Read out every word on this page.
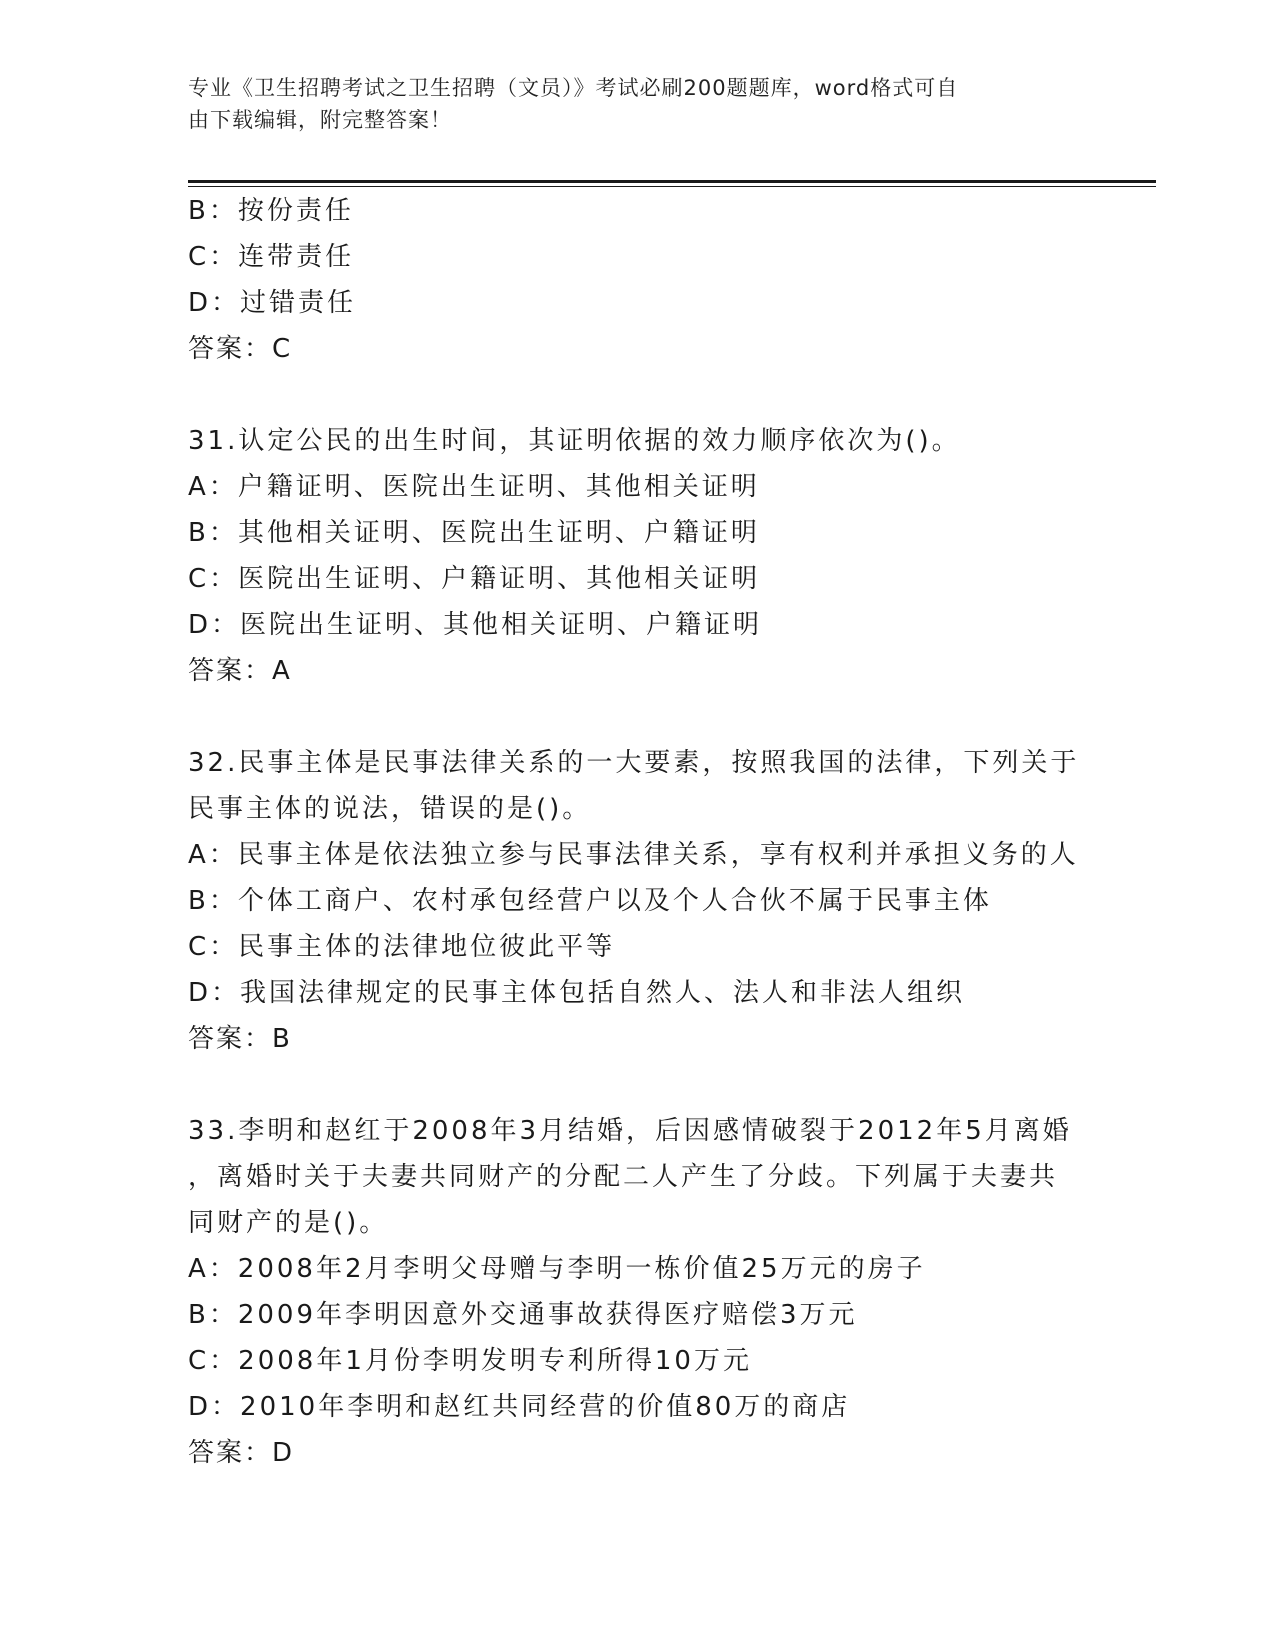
专业《卫生招聘考试之卫生招聘（文员）》考试必刷200题题库，word格式可自
由下载编辑，附完整答案！
B：按份责任
C：连带责任
D：过错责任
答案：C
31.认定公民的出生时间，其证明依据的效力顺序依次为()。
A：户籍证明、医院出生证明、其他相关证明
B：其他相关证明、医院出生证明、户籍证明
C：医院出生证明、户籍证明、其他相关证明
D：医院出生证明、其他相关证明、户籍证明
答案：A
32.民事主体是民事法律关系的一大要素，按照我国的法律，下列关于
民事主体的说法，错误的是()。
A：民事主体是依法独立参与民事法律关系，享有权利并承担义务的人
B：个体工商户、农村承包经营户以及个人合伙不属于民事主体
C：民事主体的法律地位彼此平等
D：我国法律规定的民事主体包括自然人、法人和非法人组织
答案：B
33.李明和赵红于2008年3月结婚，后因感情破裂于2012年5月离婚
，离婚时关于夫妻共同财产的分配二人产生了分歧。下列属于夫妻共
同财产的是()。
A：2008年2月李明父母赠与李明一栋价值25万元的房子
B：2009年李明因意外交通事故获得医疗赔偿3万元
C：2008年1月份李明发明专利所得10万元
D：2010年李明和赵红共同经营的价值80万的商店
答案：D
